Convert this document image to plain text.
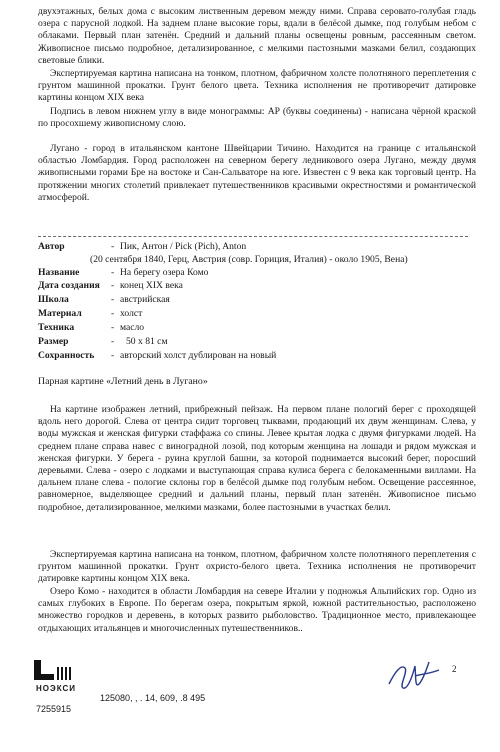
двухэтажных, белых дома с высоким лиственным деревом между ними. Справа серовато-голубая гладь озера с парусной лодкой. На заднем плане высокие горы, вдали в белёсой дымке, под голубым небом с облаками. Первый план затенён. Средний и дальний планы освещены ровным, рассеянным светом. Живописное письмо подробное, детализированное, с мелкими пастозными мазками белил, создающих световые блики.

Экспертируемая картина написана на тонком, плотном, фабричном холсте полотняного переплетения с грунтом машинной прокатки. Грунт белого цвета. Техника исполнения не противоречит датировке картины концом XIX века

Подпись в левом нижнем углу в виде монограммы: AP (буквы соединены) - написана чёрной краской по просохшему живописному слою.

Лугано - город в итальянском кантоне Швейцарии Тичино. Находится на границе с итальянской областью Ломбардия. Город расположен на северном берегу ледникового озера Лугано, между двумя живописными горами Бре на востоке и Сан-Сальваторе на юге. Известен с 9 века как торговый центр. На протяжении многих столетий привлекает путешественников красивыми окрестностями и романтической атмосферой.

Автор	- Пик, Антон / Pick (Pich), Anton
(20 сентября 1840, Герц, Австрия (совр. Гориция, Италия) - около 1905, Вена)
Название	- На берегу озера Комо
Дата создания - конец XIX века
Школа	- австрийская
Материал	- холст
Техника	- масло
Размер	- 50 х 81 см
Сохранность - авторский холст дублирован на новый
Парная картине «Летний день в Лугано»

На картине изображен летний, прибрежный пейзаж. На первом плане пологий берег с проходящей вдоль него дорогой. Слева от центра сидит торговец тыквами, продающий их двум женщинам. Слева, у воды мужская и женская фигурки стаффажа со спины. Левее крытая лодка с двумя фигурками людей. На среднем плане справа навес с виноградной лозой, под которым женщина на лошади и рядом мужская и женская фигурки. У берега - руина круглой башни, за которой поднимается высокий берег, поросший деревьями. Слева - озеро с лодками и выступающая справа кулиса берега с белокаменными виллами. На дальнем плане слева - пологие склоны гор в белёсой дымке под голубым небом. Освещение рассеянное, равномерное, выделяющее средний и дальний планы, первый план затенён. Живописное письмо подробное, детализированное, мелкими мазками, более пастозными в участках белил.

Экспертируемая картина написана на тонком, плотном, фабричном холсте полотняного переплетения с грунтом машинной прокатки. Грунт охристо-белого цвета. Техника исполнения не противоречит датировке картины концом XIX века.

Озеро Комо - находится в области Ломбардия на севере Италии у подножья Альпийских гор. Одно из самых глубоких в Европе. По берегам озера, покрытым яркой, южной растительностью, расположено множество городков и деревень, в которых развито рыболовство. Традиционное место, привлекающее отдыхающих итальянцев и многочисленных путешественников..

НОЭКСИ
125080, , . 14, 609, .8 495
7255915
2
